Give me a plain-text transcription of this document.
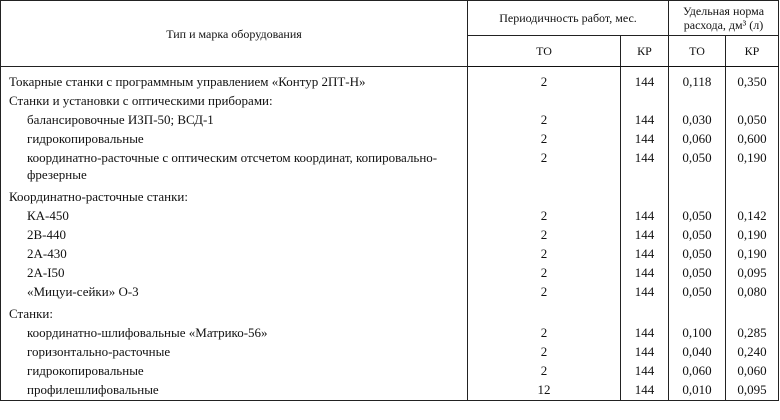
Тип и марка оборудования	Периодичность работ, мес.		Удельная норма расхода, дм³ (л)	
	ТО	КР	ТО	КР
Токарные станки с программным управлением «Контур 2ПТ-Н»	2	144	0,118	0,350
Станки и установки с оптическими приборами:				
балансировочные ИЗП-50; ВСД-1	2	144	0,030	0,050
гидрокопировальные	2	144	0,060	0,600
координатно-расточные с оптическим отсчетом координат, копировально-фрезерные	2	144	0,050	0,190
Координатно-расточные станки:				
КА-450	2	144	0,050	0,142
2В-440	2	144	0,050	0,190
2А-430	2	144	0,050	0,190
2А-I50	2	144	0,050	0,095
«Мицуи-сейки» О-3	2	144	0,050	0,080
Станки:				
координатно-шлифовальные «Матрико-56»	2	144	0,100	0,285
горизонтально-расточные	2	144	0,040	0,240
гидрокопировальные	2	144	0,060	0,060
профилешлифовальные	12	144	0,010	0,095
